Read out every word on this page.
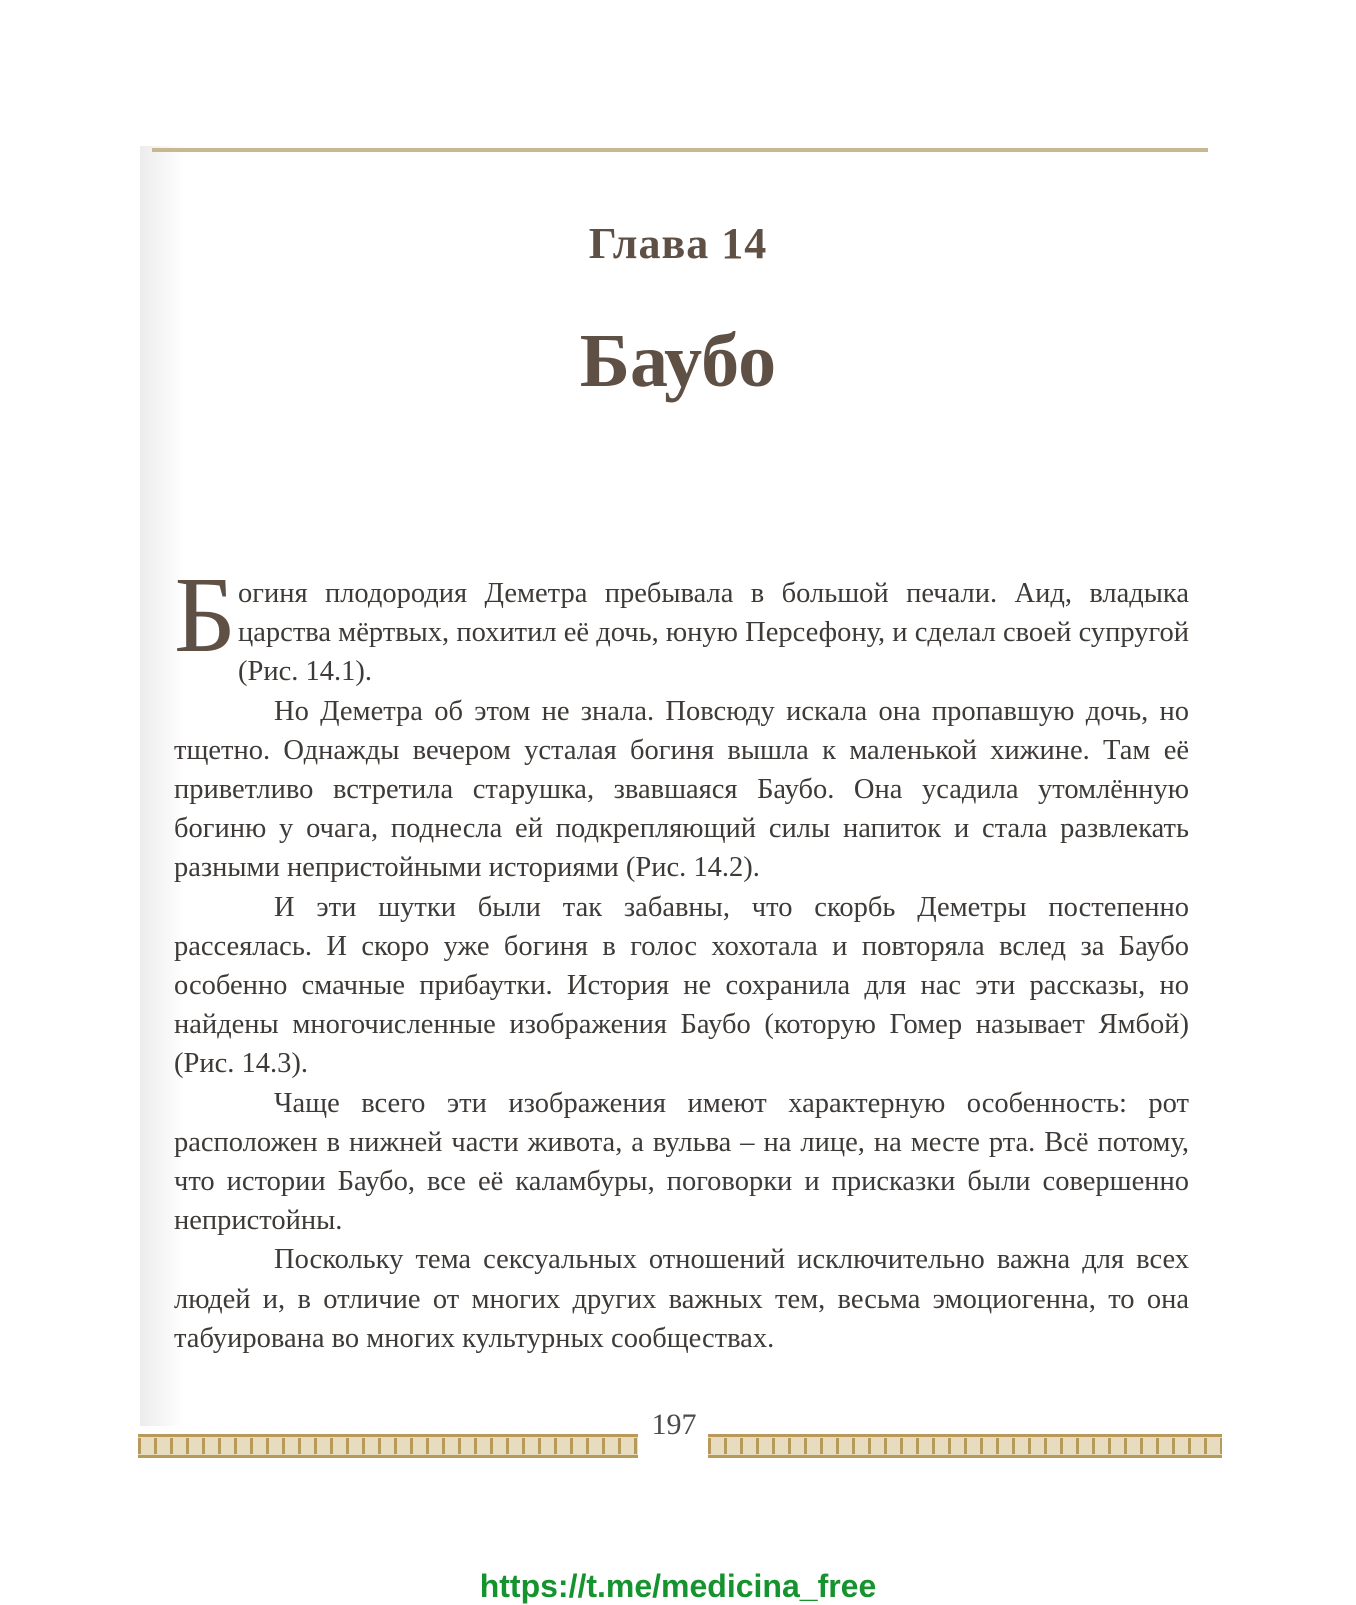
Глава 14
Баубо

Богиня плодородия Деметра пребывала в большой печали. Аид, владыка царства мёртвых, похитил её дочь, юную Персефону, и сделал своей супругой (Рис. 14.1).

Но Деметра об этом не знала. Повсюду искала она пропавшую дочь, но тщетно. Однажды вечером усталая богиня вышла к маленькой хижине. Там её приветливо встретила старушка, звавшаяся Баубо. Она усадила утомлённую богиню у очага, поднесла ей подкрепляющий силы напиток и стала развлекать разными непристойными историями (Рис. 14.2).

И эти шутки были так забавны, что скорбь Деметры постепенно рассеялась. И скоро уже богиня в голос хохотала и повторяла вслед за Баубо особенно смачные прибаутки. История не сохранила для нас эти рассказы, но найдены многочисленные изображения Баубо (которую Гомер называет Ямбой) (Рис. 14.3).

Чаще всего эти изображения имеют характерную особенность: рот расположен в нижней части живота, а вульва – на лице, на месте рта. Всё потому, что истории Баубо, все её каламбуры, поговорки и присказки были совершенно непристойны.

Поскольку тема сексуальных отношений исключительно важна для всех людей и, в отличие от многих других важных тем, весьма эмоциогенна, то она табуирована во многих культурных сообществах.

197
https://t.me/medicina_free
